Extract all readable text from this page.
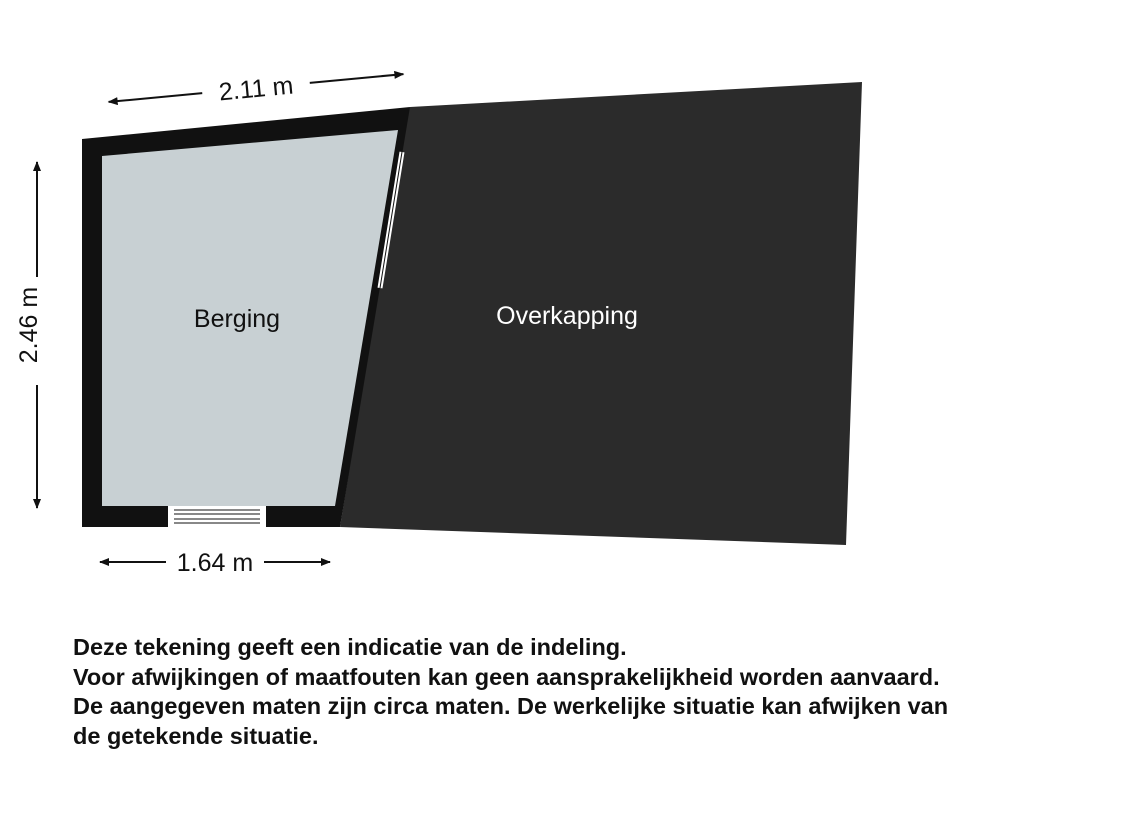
Berging	Overkapping
2.11 m
2.46 m
1.64 m
Deze tekening geeft een indicatie van de indeling.
Voor afwijkingen of maatfouten kan geen aansprakelijkheid worden aanvaard.
De aangegeven maten zijn circa maten. De werkelijke situatie kan afwijken van
de getekende situatie.
